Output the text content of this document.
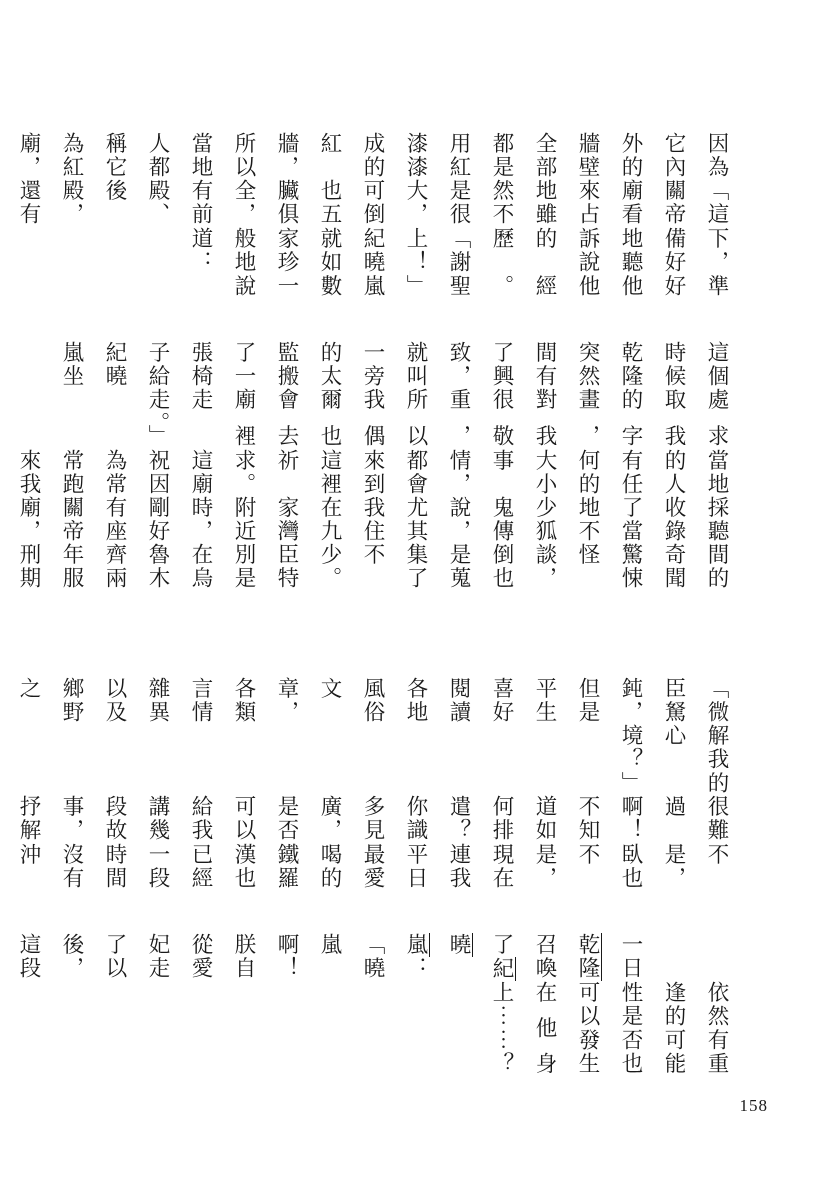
因為它內外的牆壁全部都是用紅漆漆成的紅牆，所以當地人都稱它為紅廟，
「這關帝廟看來占地雖然不是很大，可倒也五臟俱全，有前殿、後殿，還有
下，準備好好地聽他訴說他的經歷。「謝聖上！」紀曉嵐就如數家珍一般地說道：
這個時候乾隆突然間有了興致，就叫一旁的太監搬了一張椅子給紀曉嵐坐
處求取我的字畫，對我很敬重，所以我偶爾也會去廟裡走走。」
當地的人有任何的大小事情，都會來到這裡祈求。這廟祝因為常常跑來我
採聽收錄了當地不少狐鬼傳說，尤其我住在九家灣附近時，剛好有座關帝廟，
間的奇聞驚悚怪談，倒也是蒐集了不少。臣特別是在烏魯木齊兩年服刑期
「微臣駑鈍，但是平生喜好閱讀各地風俗文章，各類言情雜異以及鄉野之
解我的心境？」
很難過啊！不知道如何排遣？你識多見廣，是否可以給我講幾段故事，抒解
不是，臥也不是，現在連我平日最愛喝的鐵羅漢也已經一段時間沒有沖

一日乾隆召喚了紀曉嵐：「曉嵐啊！朕自從愛妃走了以後，這段

依然有重逢的可能性是否也可以發生在他身上⋯⋯？
158
